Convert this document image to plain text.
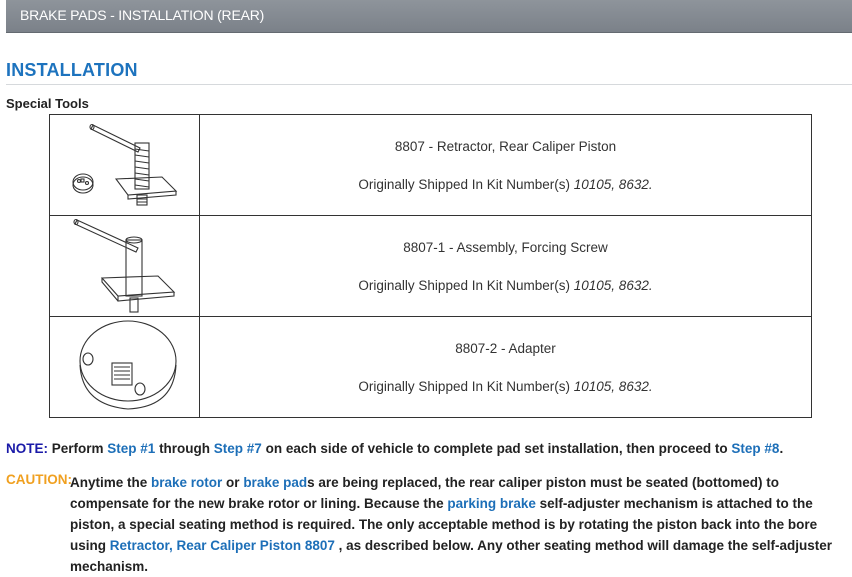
BRAKE PADS - INSTALLATION (REAR)
INSTALLATION
Special Tools

8807 - Retractor, Rear Caliper Piston
Originally Shipped In Kit Number(s) 10105, 8632.

8807-1 - Assembly, Forcing Screw
Originally Shipped In Kit Number(s) 10105, 8632.

8807-2 - Adapter
Originally Shipped In Kit Number(s) 10105, 8632.
NOTE: Perform Step #1 through Step #7 on each side of vehicle to complete pad set installation, then proceed to Step #8.
CAUTION:
Anytime the brake rotor or brake pads are being replaced, the rear caliper piston must be seated (bottomed) to compensate for the new brake rotor or lining. Because the parking brake self-adjuster mechanism is attached to the piston, a special seating method is required. The only acceptable method is by rotating the piston back into the bore using Retractor, Rear Caliper Piston 8807 , as described below. Any other seating method will damage the self-adjuster mechanism.
